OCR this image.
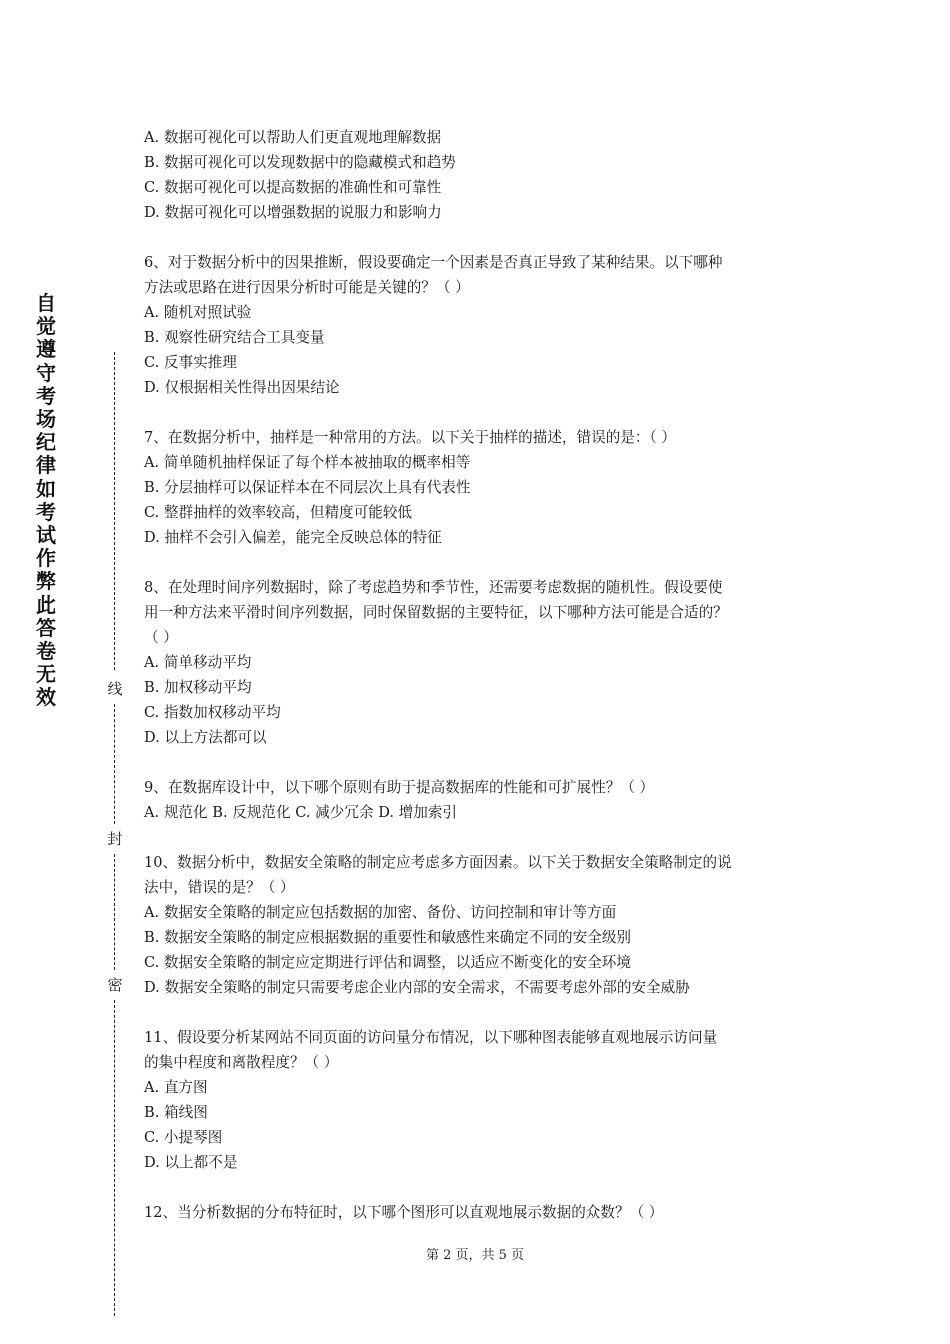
自觉遵守考场纪律如考试作弊此答卷无效	线
封
密
A. 数据可视化可以帮助人们更直观地理解数据
B. 数据可视化可以发现数据中的隐藏模式和趋势
C. 数据可视化可以提高数据的准确性和可靠性
D. 数据可视化可以增强数据的说服力和影响力
6、对于数据分析中的因果推断，假设要确定一个因素是否真正导致了某种结果。以下哪种
方法或思路在进行因果分析时可能是关键的？（ ）
A. 随机对照试验
B. 观察性研究结合工具变量
C. 反事实推理
D. 仅根据相关性得出因果结论
7、在数据分析中，抽样是一种常用的方法。以下关于抽样的描述，错误的是：（ ）
A. 简单随机抽样保证了每个样本被抽取的概率相等
B. 分层抽样可以保证样本在不同层次上具有代表性
C. 整群抽样的效率较高，但精度可能较低
D. 抽样不会引入偏差，能完全反映总体的特征
8、在处理时间序列数据时，除了考虑趋势和季节性，还需要考虑数据的随机性。假设要使
用一种方法来平滑时间序列数据，同时保留数据的主要特征，以下哪种方法可能是合适的？
（ ）
A. 简单移动平均
B. 加权移动平均
C. 指数加权移动平均
D. 以上方法都可以
9、在数据库设计中，以下哪个原则有助于提高数据库的性能和可扩展性？（ ）
A. 规范化 B. 反规范化 C. 减少冗余 D. 增加索引
10、数据分析中，数据安全策略的制定应考虑多方面因素。以下关于数据安全策略制定的说
法中，错误的是？（ ）
A. 数据安全策略的制定应包括数据的加密、备份、访问控制和审计等方面
B. 数据安全策略的制定应根据数据的重要性和敏感性来确定不同的安全级别
C. 数据安全策略的制定应定期进行评估和调整，以适应不断变化的安全环境
D. 数据安全策略的制定只需要考虑企业内部的安全需求，不需要考虑外部的安全威胁
11、假设要分析某网站不同页面的访问量分布情况，以下哪种图表能够直观地展示访问量
的集中程度和离散程度？（ ）
A. 直方图
B. 箱线图
C. 小提琴图
D. 以上都不是
12、当分析数据的分布特征时，以下哪个图形可以直观地展示数据的众数？（ ）
第 2 页，共 5 页
